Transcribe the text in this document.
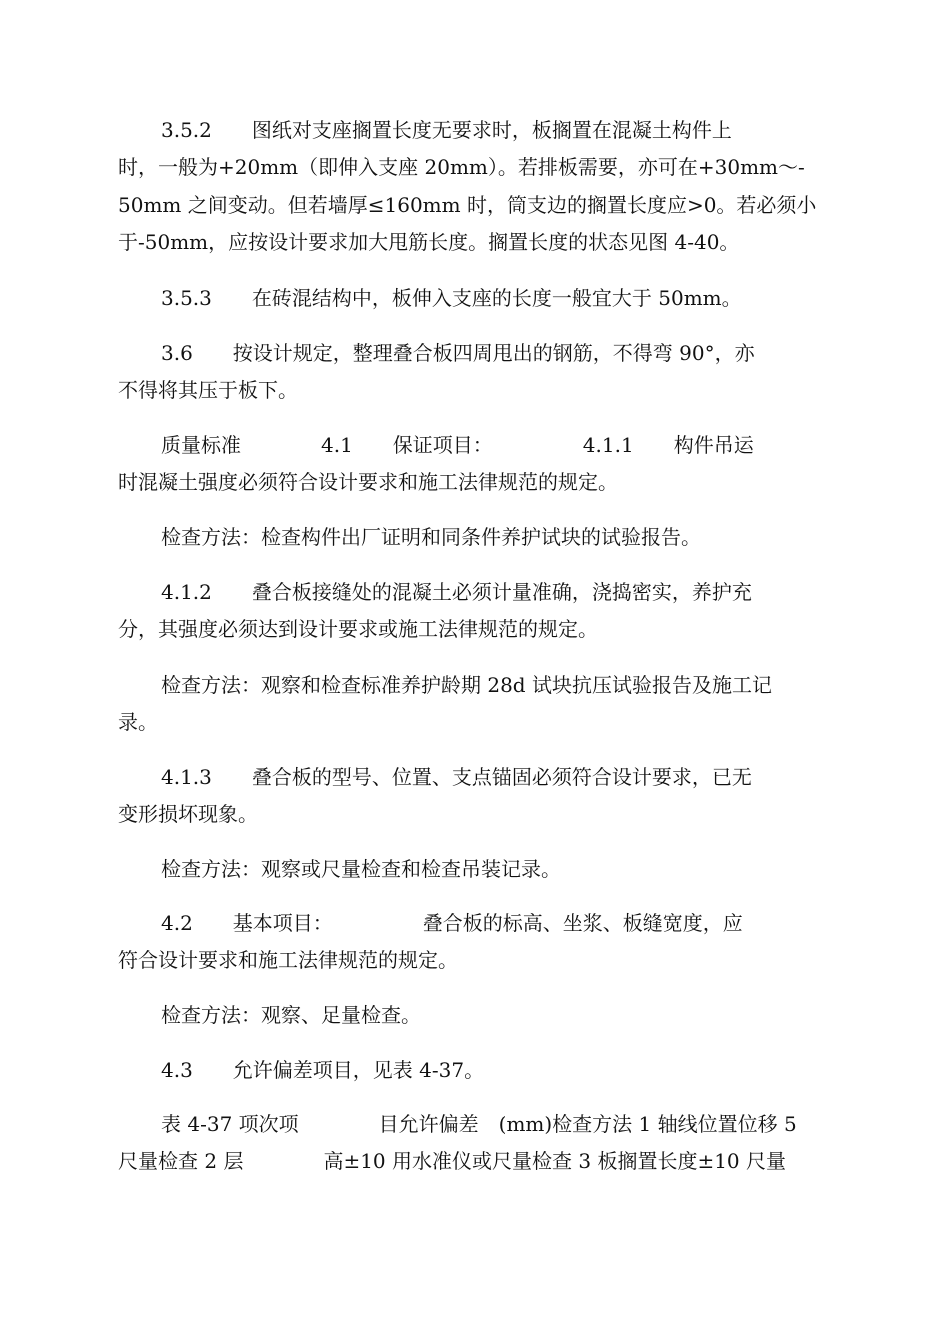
3.5.2　　图纸对支座搁置长度无要求时，板搁置在混凝土构件上
时，一般为+20mm（即伸入支座 20mm）。若排板需要，亦可在+30mm～-
50mm 之间变动。但若墙厚≤160mm 时，筒支边的搁置长度应>0。若必须小
于-50mm，应按设计要求加大甩筋长度。搁置长度的状态见图 4-40。
3.5.3　　在砖混结构中，板伸入支座的长度一般宜大于 50mm。
3.6　　按设计规定，整理叠合板四周甩出的钢筋，不得弯 90°，亦
不得将其压于板下。
质量标准　　　　4.1　　保证项目：　　　　　4.1.1　　构件吊运
时混凝土强度必须符合设计要求和施工法律规范的规定。
检查方法：检查构件出厂证明和同条件养护试块的试验报告。
4.1.2　　叠合板接缝处的混凝土必须计量准确，浇捣密实，养护充
分，其强度必须达到设计要求或施工法律规范的规定。
检查方法：观察和检查标准养护龄期 28d 试块抗压试验报告及施工记
录。
4.1.3　　叠合板的型号、位置、支点锚固必须符合设计要求，已无
变形损坏现象。
检查方法：观察或尺量检查和检查吊装记录。
4.2　　基本项目：　　　　　叠合板的标高、坐浆、板缝宽度，应
符合设计要求和施工法律规范的规定。
检查方法：观察、足量检查。
4.3　　允许偏差项目，见表 4-37。
表 4-37 项次项　　　　目允许偏差　(mm)检查方法 1 轴线位置位移 5
尺量检查 2 层　　　　高±10 用水准仪或尺量检查 3 板搁置长度±10 尺量
